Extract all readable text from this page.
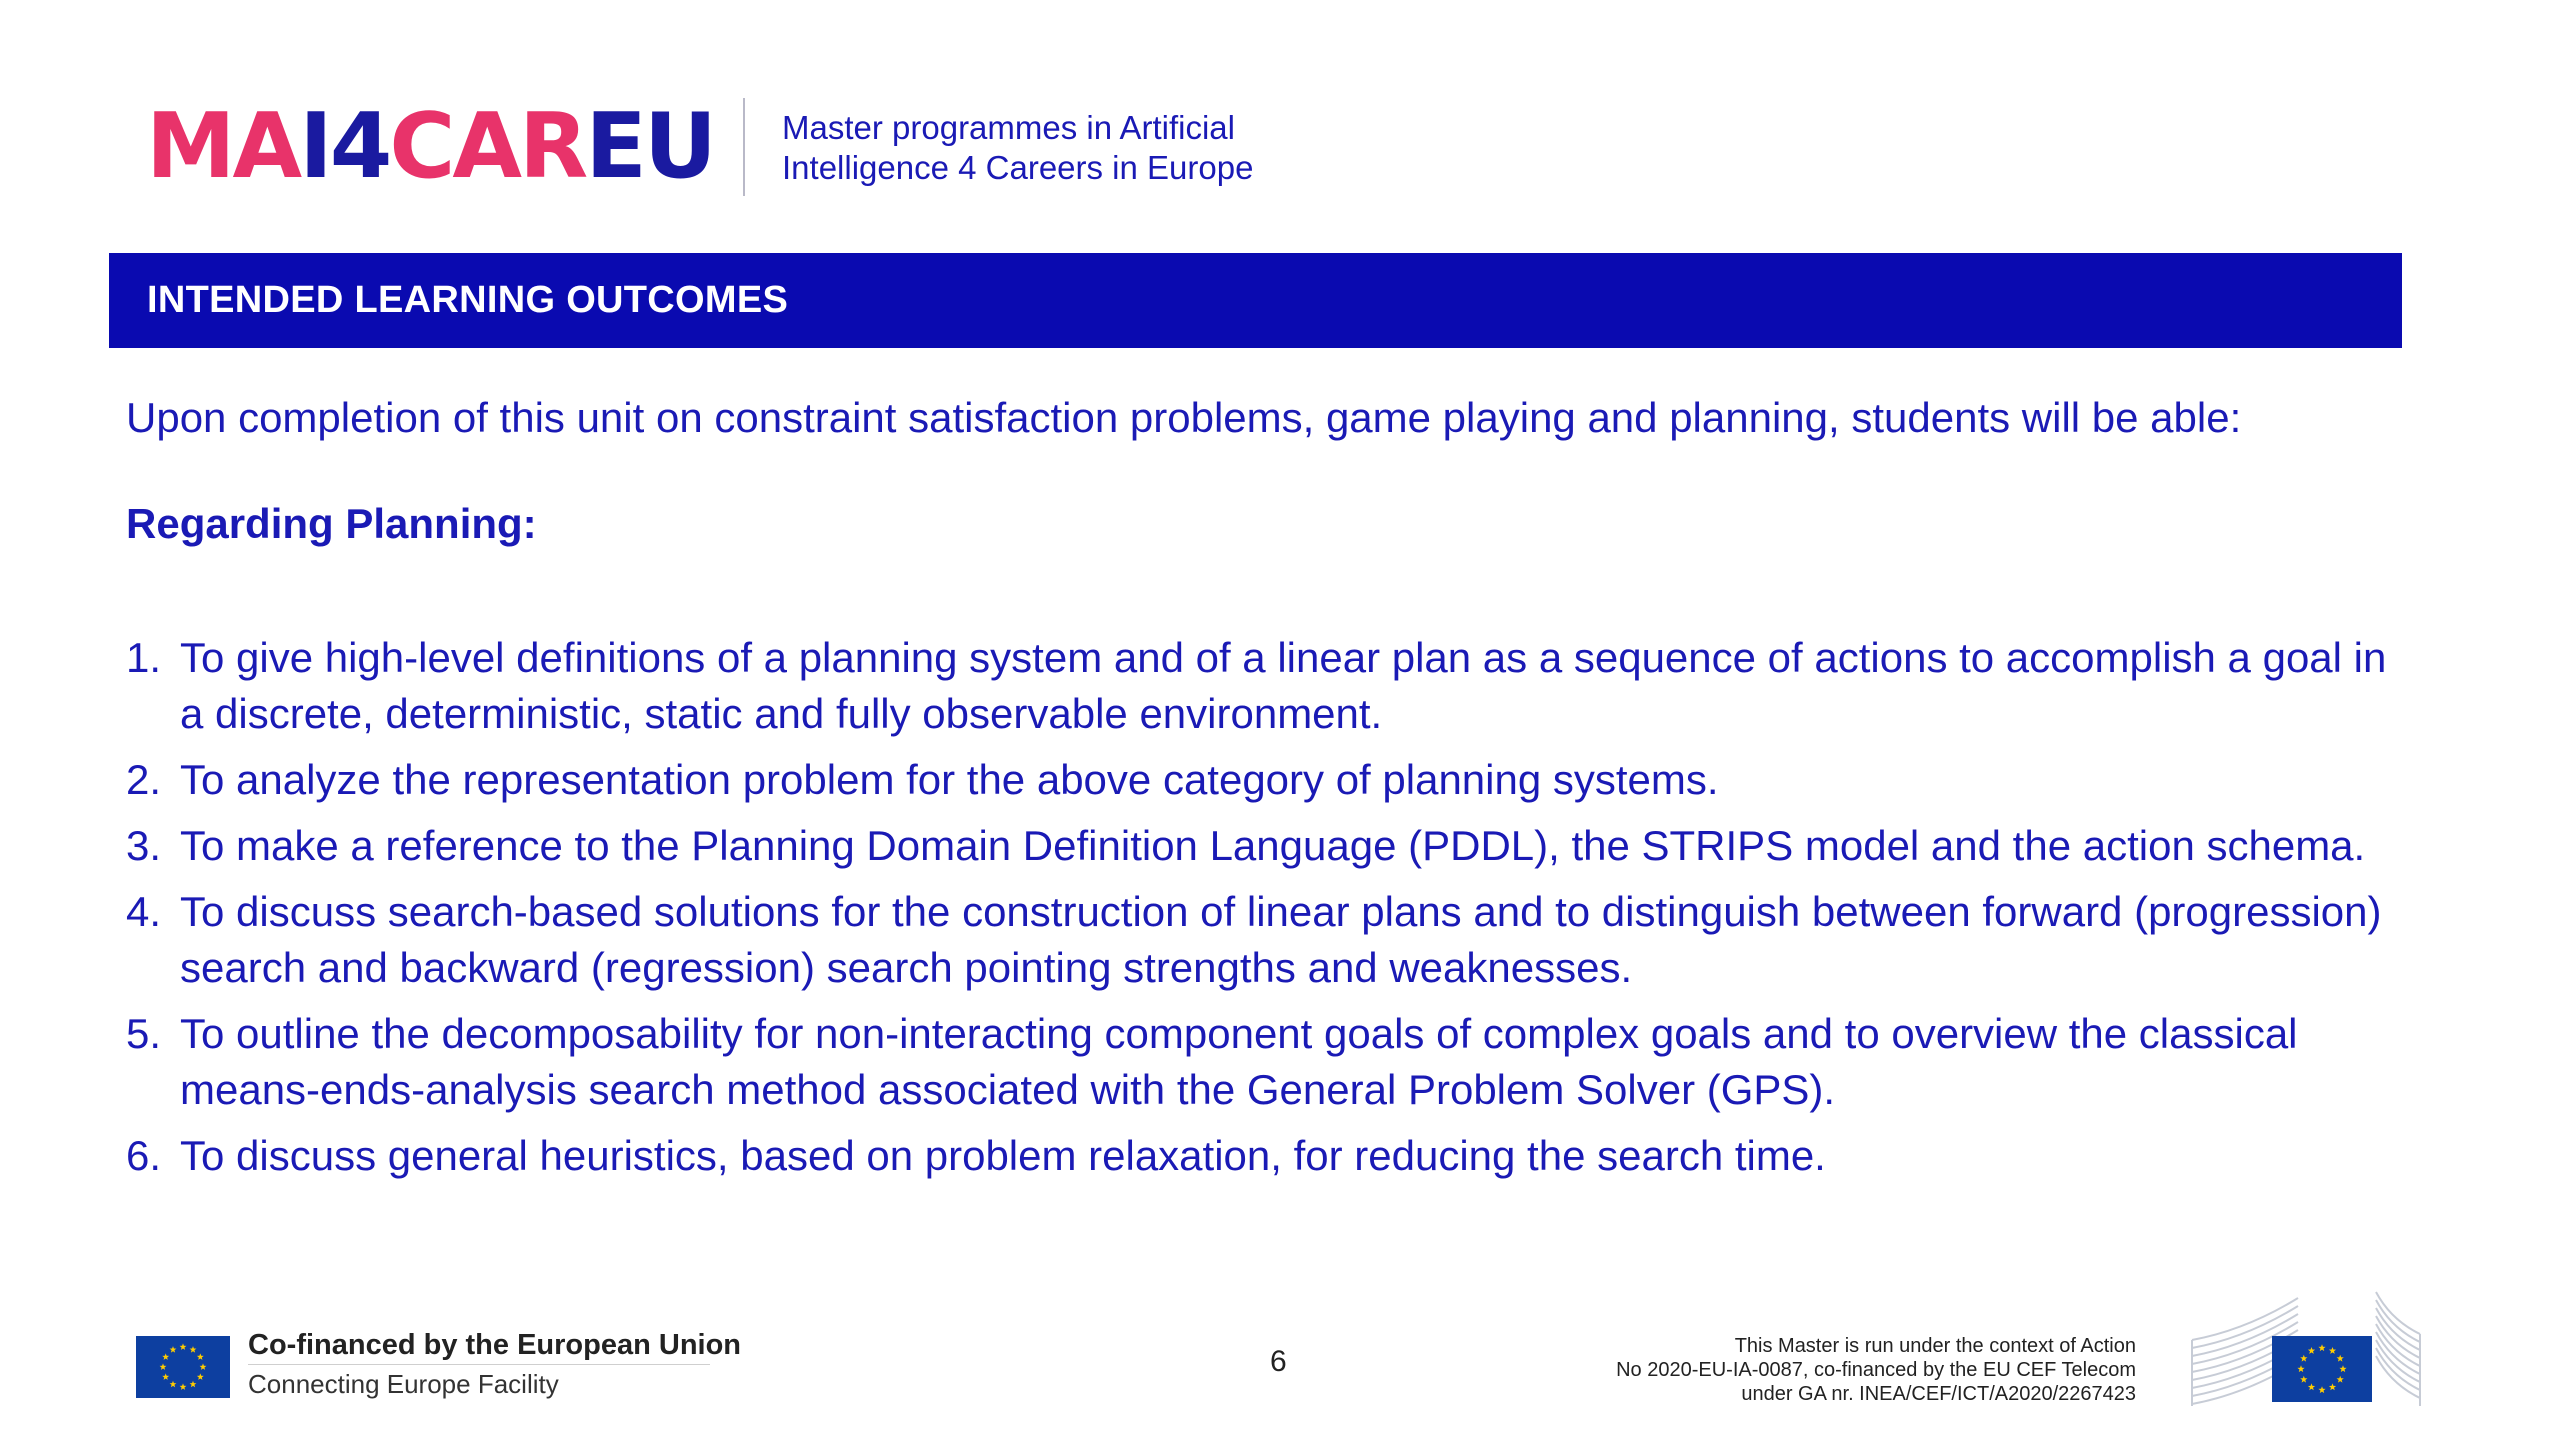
MAI4CAREU Master programmes in Artificial
Intelligence 4 Careers in Europe
INTENDED LEARNING OUTCOMES
Upon completion of this unit on constraint satisfaction problems, game playing and planning, students will be able:
Regarding Planning:
1. To give high-level definitions of a planning system and of a linear plan as a sequence of actions to accomplish a goal in a discrete, deterministic, static and fully observable environment.
2. To analyze the representation problem for the above category of planning systems.
3. To make a reference to the Planning Domain Definition Language (PDDL), the STRIPS model and the action schema.
4. To discuss search-based solutions for the construction of linear plans and to distinguish between forward (progression) search and backward (regression) search pointing strengths and weaknesses.
5. To outline the decomposability for non-interacting component goals of complex goals and to overview the classical means-ends-analysis search method associated with the General Problem Solver (GPS).
6. To discuss general heuristics, based on problem relaxation, for reducing the search time.
Co-financed by the European Union
Connecting Europe Facility
6	This Master is run under the context of Action
No 2020-EU-IA-0087, co-financed by the EU CEF Telecom
under GA nr. INEA/CEF/ICT/A2020/2267423
